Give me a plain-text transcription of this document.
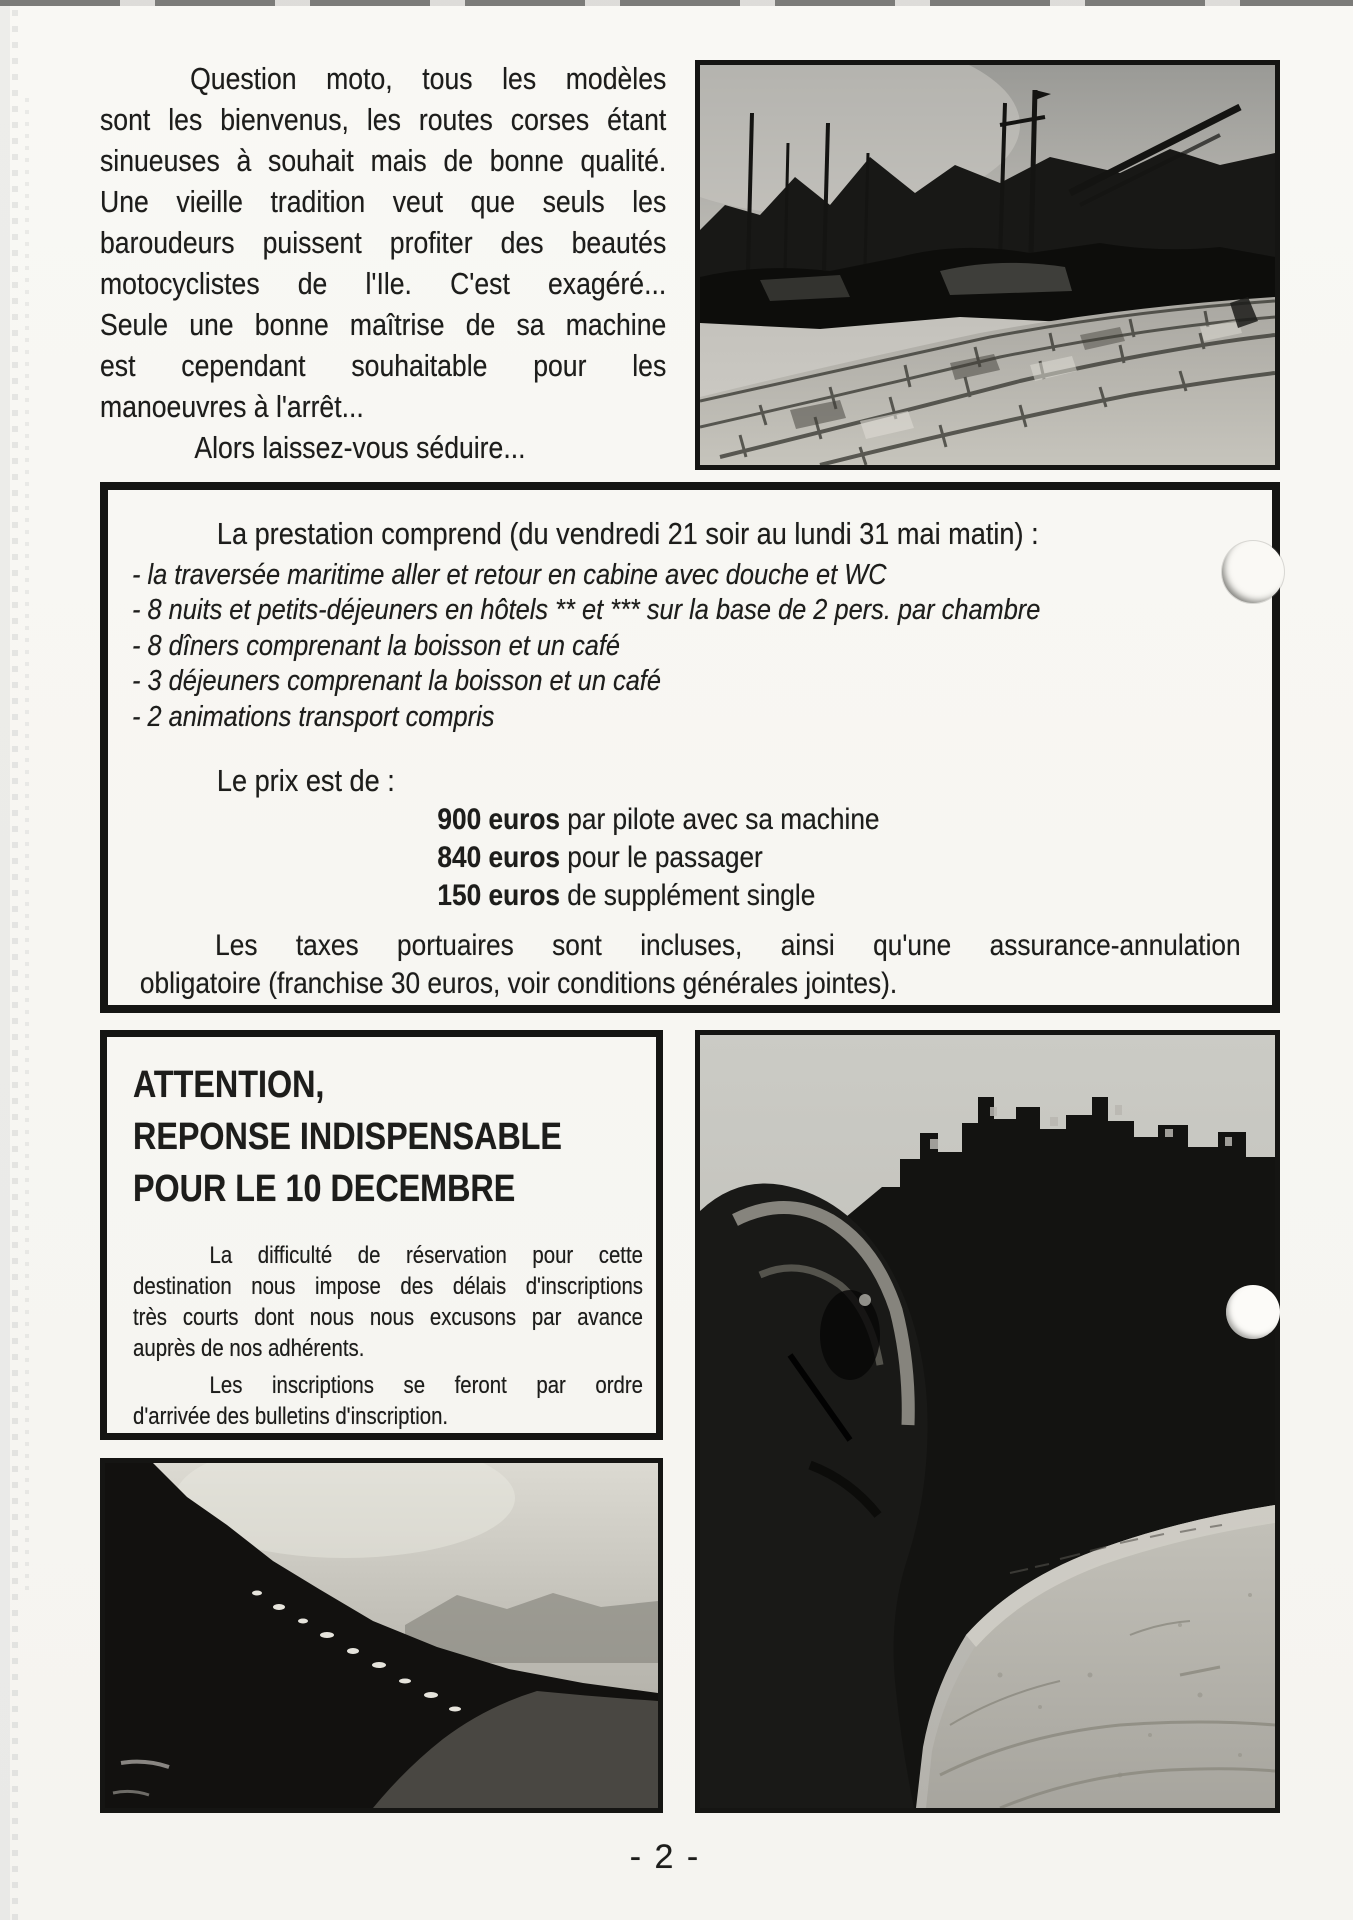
Question moto, tous les modèles
sont les bienvenus, les routes corses étant
sinueuses à souhait mais de bonne qualité.
Une vieille tradition veut que seuls les
baroudeurs puissent profiter des beautés
motocyclistes de l'Ile. C'est exagéré...
Seule une bonne maîtrise de sa machine
est cependant souhaitable pour les
manoeuvres à l'arrêt...
Alors laissez-vous séduire...
La prestation comprend (du vendredi 21 soir au lundi 31 mai matin) :
- la traversée maritime aller et retour en cabine avec douche et WC
- 8 nuits et petits-déjeuners en hôtels ** et *** sur la base de 2 pers. par chambre
- 8 dîners comprenant la boisson et un café
- 3 déjeuners comprenant la boisson et un café
- 2 animations transport compris
Le prix est de :
900 euros par pilote avec sa machine
840 euros pour le passager
150 euros de supplément single
Les taxes portuaires sont incluses, ainsi qu'une assurance-annulation
obligatoire (franchise 30 euros, voir conditions générales jointes).
ATTENTION,
REPONSE INDISPENSABLE
POUR LE 10 DECEMBRE
La difficulté de réservation pour cette
destination nous impose des délais d'inscriptions
très courts dont nous nous excusons par avance
auprès de nos adhérents.
Les inscriptions se feront par ordre
d'arrivée des bulletins d'inscription.
- 2 -
